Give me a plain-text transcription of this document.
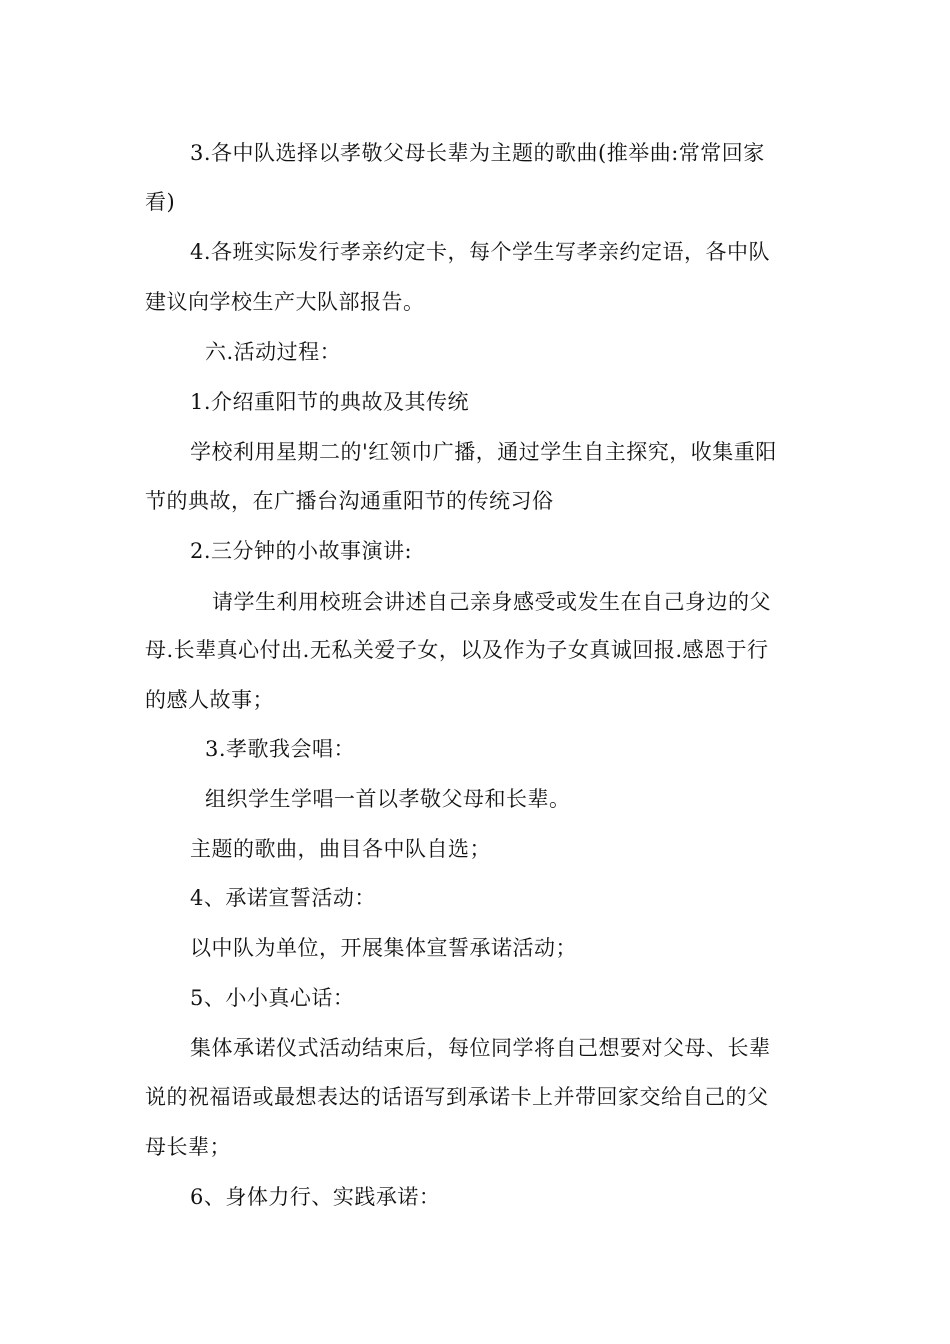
3.各中队选择以孝敬父母长辈为主题的歌曲(推举曲:常常回家
看)
4.各班实际发行孝亲约定卡，每个学生写孝亲约定语，各中队
建议向学校生产大队部报告。
六.活动过程：
1.介绍重阳节的典故及其传统
学校利用星期二的'红领巾广播，通过学生自主探究，收集重阳
节的典故，在广播台沟通重阳节的传统习俗
2.三分钟的小故事演讲:
请学生利用校班会讲述自己亲身感受或发生在自己身边的父
母.长辈真心付出.无私关爱子女，以及作为子女真诚回报.感恩于行
的感人故事；
3.孝歌我会唱：
组织学生学唱一首以孝敬父母和长辈。
主题的歌曲，曲目各中队自选；
4、承诺宣誓活动：
以中队为单位，开展集体宣誓承诺活动；
5、小小真心话：
集体承诺仪式活动结束后，每位同学将自己想要对父母、长辈
说的祝福语或最想表达的话语写到承诺卡上并带回家交给自己的父
母长辈；
6、身体力行、实践承诺：
